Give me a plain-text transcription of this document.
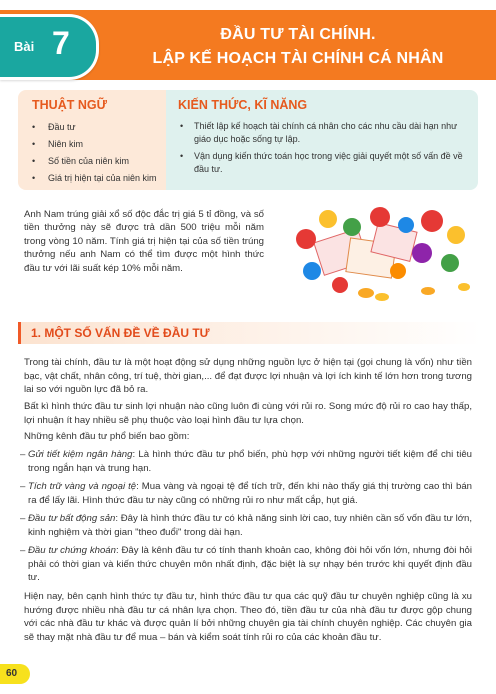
Bài 7	ĐẦU TƯ TÀI CHÍNH.
LẬP KẾ HOẠCH TÀI CHÍNH CÁ NHÂN
THUẬT NGỮ
• Đầu tư
• Niên kim
• Số tiền của niên kim
• Giá trị hiện tại của niên kim
KIẾN THỨC, KĨ NĂNG
• Thiết lập kế hoạch tài chính cá nhân cho các nhu cầu dài hạn như giáo dục hoặc sống tự lập.
• Vận dụng kiến thức toán học trong việc giải quyết một số vấn đề về đầu tư.
Anh Nam trúng giải xổ số độc đắc trị giá 5 tỉ đồng, và số tiền thưởng này sẽ được trả dần 500 triệu mỗi năm trong vòng 10 năm. Tính giá trị hiện tại của số tiền trúng thưởng nếu anh Nam có thể tìm được một hình thức đầu tư với lãi suất kép 10% mỗi năm.
1. MỘT SỐ VẤN ĐỀ VỀ ĐẦU TƯ
Trong tài chính, đầu tư là một hoạt động sử dụng những nguồn lực ở hiện tại (gọi chung là vốn) như tiền bạc, vật chất, nhân công, trí tuệ, thời gian,... để đạt được lợi nhuận và lợi ích kinh tế lớn hơn trong tương lai so với nguồn lực đã bỏ ra.
Bất kì hình thức đầu tư sinh lợi nhuận nào cũng luôn đi cùng với rủi ro. Song mức độ rủi ro cao hay thấp, lợi nhuận ít hay nhiều sẽ phụ thuộc vào loại hình đầu tư lựa chọn.
Những kênh đầu tư phổ biến bao gồm:
– Gửi tiết kiệm ngân hàng: Là hình thức đầu tư phổ biến, phù hợp với những người tiết kiệm để chi tiêu trong ngắn hạn và trung hạn.
– Tích trữ vàng và ngoại tệ: Mua vàng và ngoại tệ để tích trữ, đến khi nào thấy giá thị trường cao thì bán ra để lấy lãi. Hình thức đầu tư này cũng có những rủi ro như mất cắp, hụt giá.
– Đầu tư bất động sản: Đây là hình thức đầu tư có khả năng sinh lời cao, tuy nhiên cần số vốn đầu tư lớn, kinh nghiệm và thời gian "theo đuổi" trong dài hạn.
– Đầu tư chứng khoán: Đây là kênh đầu tư có tính thanh khoản cao, không đòi hỏi vốn lớn, nhưng đòi hỏi phải có thời gian và kiến thức chuyên môn nhất định, đặc biệt là sự nhạy bén trước khi quyết định đầu tư.
Hiện nay, bên cạnh hình thức tự đầu tư, hình thức đầu tư qua các quỹ đầu tư chuyên nghiệp cũng là xu hướng được nhiều nhà đầu tư cá nhân lựa chọn. Theo đó, tiền đầu tư của nhà đầu tư được gộp chung với các nhà đầu tư khác và được quản lí bởi những chuyên gia tài chính chuyên nghiệp. Các chuyên gia sẽ thay mặt nhà đầu tư để mua – bán và kiểm soát tính rủi ro của các khoản đầu tư.
60
